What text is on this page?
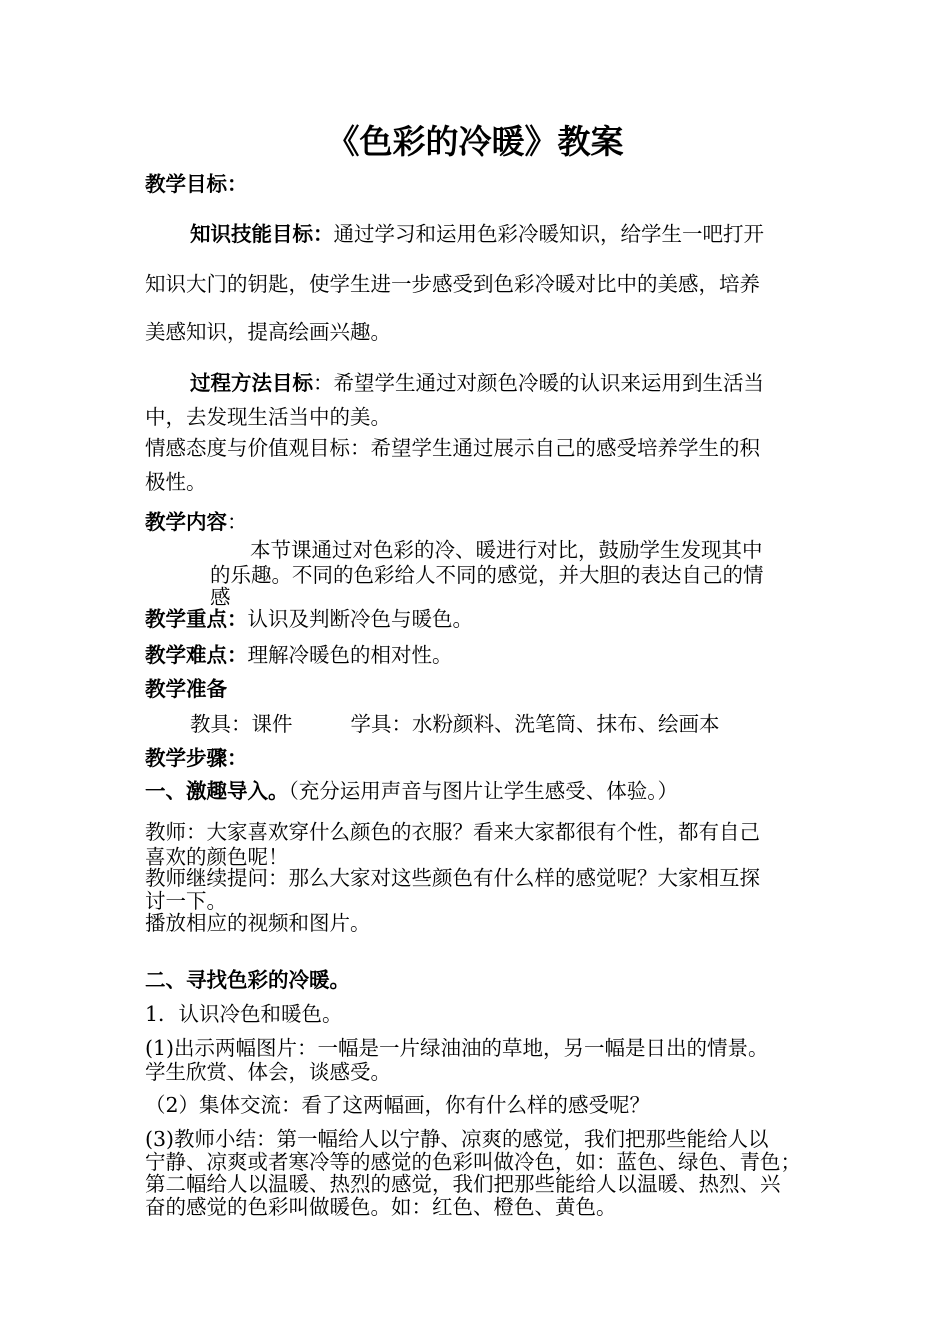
《色彩的冷暖》教案
教学目标：
知识技能目标：通过学习和运用色彩冷暖知识，给学生一吧打开
知识大门的钥匙，使学生进一步感受到色彩冷暖对比中的美感，培养
美感知识，提高绘画兴趣。
过程方法目标：希望学生通过对颜色冷暖的认识来运用到生活当
中，去发现生活当中的美。
情感态度与价值观目标：希望学生通过展示自己的感受培养学生的积
极性。
教学内容：
本节课通过对色彩的冷、暖进行对比，鼓励学生发现其中
的乐趣。不同的色彩给人不同的感觉，并大胆的表达自己的情
感
教学重点：认识及判断冷色与暖色。
教学难点：理解冷暖色的相对性。
教学准备
教具：课件	学具：水粉颜料、洗笔筒、抹布、绘画本
教学步骤：
一、激趣导入。（充分运用声音与图片让学生感受、体验。）
教师：大家喜欢穿什么颜色的衣服？看来大家都很有个性，都有自己
喜欢的颜色呢！
教师继续提问：那么大家对这些颜色有什么样的感觉呢？大家相互探
讨一下。
播放相应的视频和图片。
二、寻找色彩的冷暖。
1．认识冷色和暖色。
(1)出示两幅图片：一幅是一片绿油油的草地，另一幅是日出的情景。
学生欣赏、体会，谈感受。
（2）集体交流：看了这两幅画，你有什么样的感受呢？
(3)教师小结：第一幅给人以宁静、凉爽的感觉，我们把那些能给人以
宁静、凉爽或者寒冷等的感觉的色彩叫做冷色，如：蓝色、绿色、青色；
第二幅给人以温暖、热烈的感觉，我们把那些能给人以温暖、热烈、兴
奋的感觉的色彩叫做暖色。如：红色、橙色、黄色。
